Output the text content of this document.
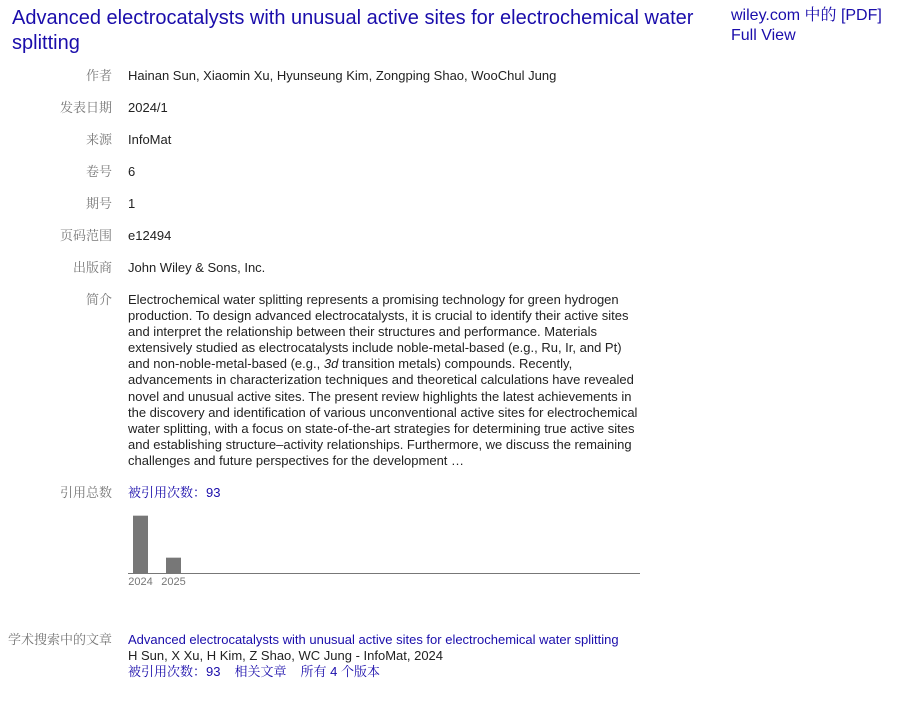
Advanced electrocatalysts with unusual active sites for electrochemical water splitting
wiley.com 中的 [PDF]
Full View
作者 Hainan Sun, Xiaomin Xu, Hyunseung Kim, Zongping Shao, WooChul Jung
发表日期 2024/1
来源 InfoMat
卷号 6
期号 1
页码范围 e12494
出版商 John Wiley & Sons, Inc.
简介 Electrochemical water splitting represents a promising technology for green hydrogen production. To design advanced electrocatalysts, it is crucial to identify their active sites and interpret the relationship between their structures and performance. Materials extensively studied as electrocatalysts include noble-metal-based (e.g., Ru, Ir, and Pt) and non-noble-metal-based (e.g., 3d transition metals) compounds. Recently, advancements in characterization techniques and theoretical calculations have revealed novel and unusual active sites. The present review highlights the latest achievements in the discovery and identification of various unconventional active sites for electrochemical water splitting, with a focus on state-of-the-art strategies for determining true active sites and establishing structure–activity relationships. Furthermore, we discuss the remaining challenges and future perspectives for the development …
引用总数 被引用次数：93
2024 2025
学术搜索中的文章 Advanced electrocatalysts with unusual active sites for electrochemical water splitting
H Sun, X Xu, H Kim, Z Shao, WC Jung - InfoMat, 2024
被引用次数：93 相关文章 所有 4 个版本
